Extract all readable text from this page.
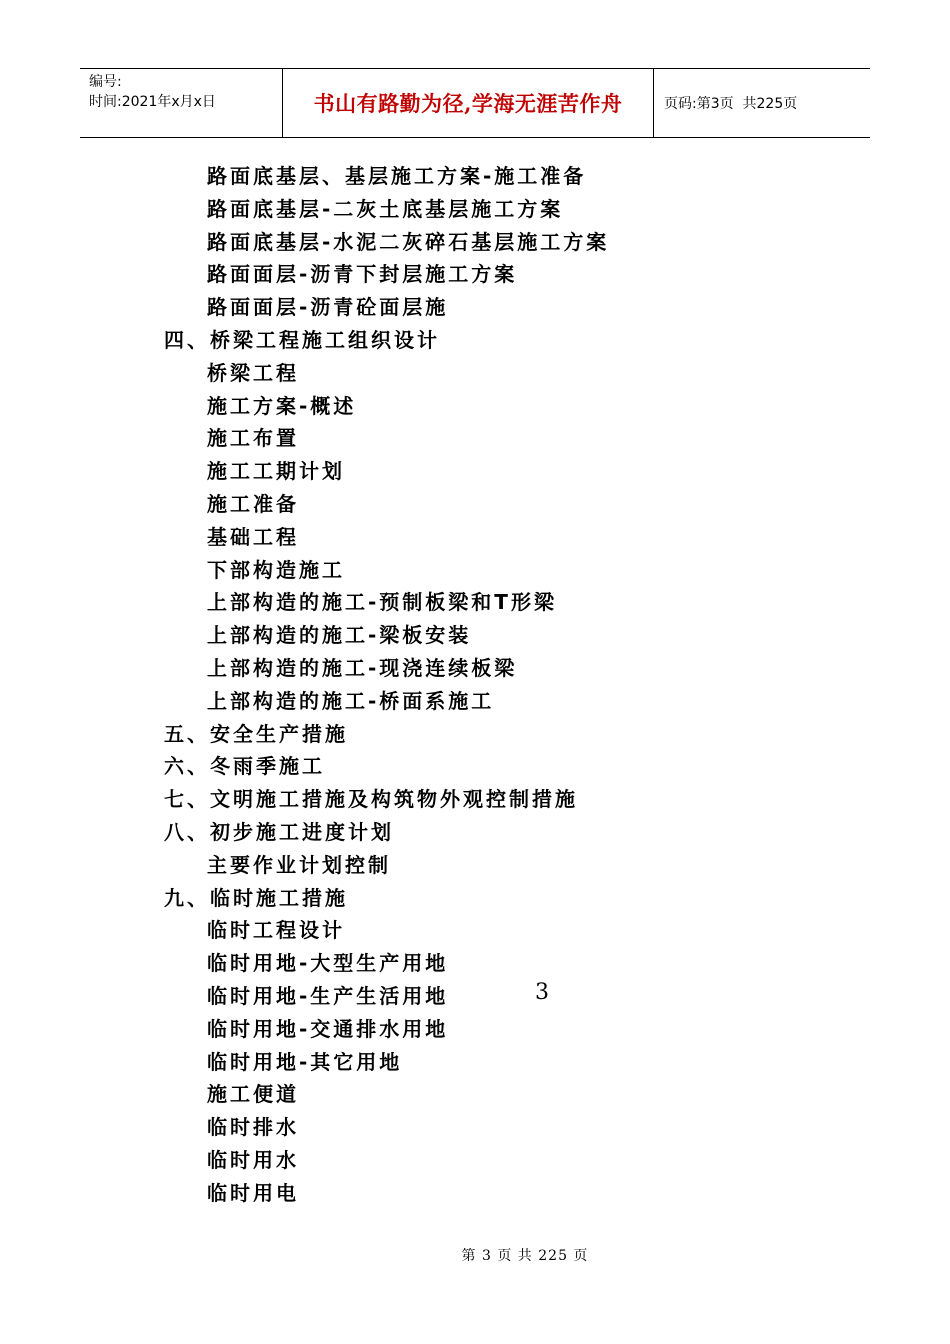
编号:
时间:2021年x月x日	书山有路勤为径,学海无涯苦作舟	页码:第3页  共225页
路面底基层、基层施工方案-施工准备
路面底基层-二灰土底基层施工方案
路面底基层-水泥二灰碎石基层施工方案
路面面层-沥青下封层施工方案
路面面层-沥青砼面层施
四、桥梁工程施工组织设计
桥梁工程
施工方案-概述
施工布置
施工工期计划
施工准备
基础工程
下部构造施工
上部构造的施工-预制板梁和T形梁
上部构造的施工-梁板安装
上部构造的施工-现浇连续板梁
上部构造的施工-桥面系施工
五、安全生产措施
六、冬雨季施工
七、文明施工措施及构筑物外观控制措施
八、初步施工进度计划
主要作业计划控制
九、临时施工措施
临时工程设计
临时用地-大型生产用地
临时用地-生产生活用地
临时用地-交通排水用地
临时用地-其它用地
施工便道
临时排水
临时用水
临时用电
3
第 3 页 共 225 页
